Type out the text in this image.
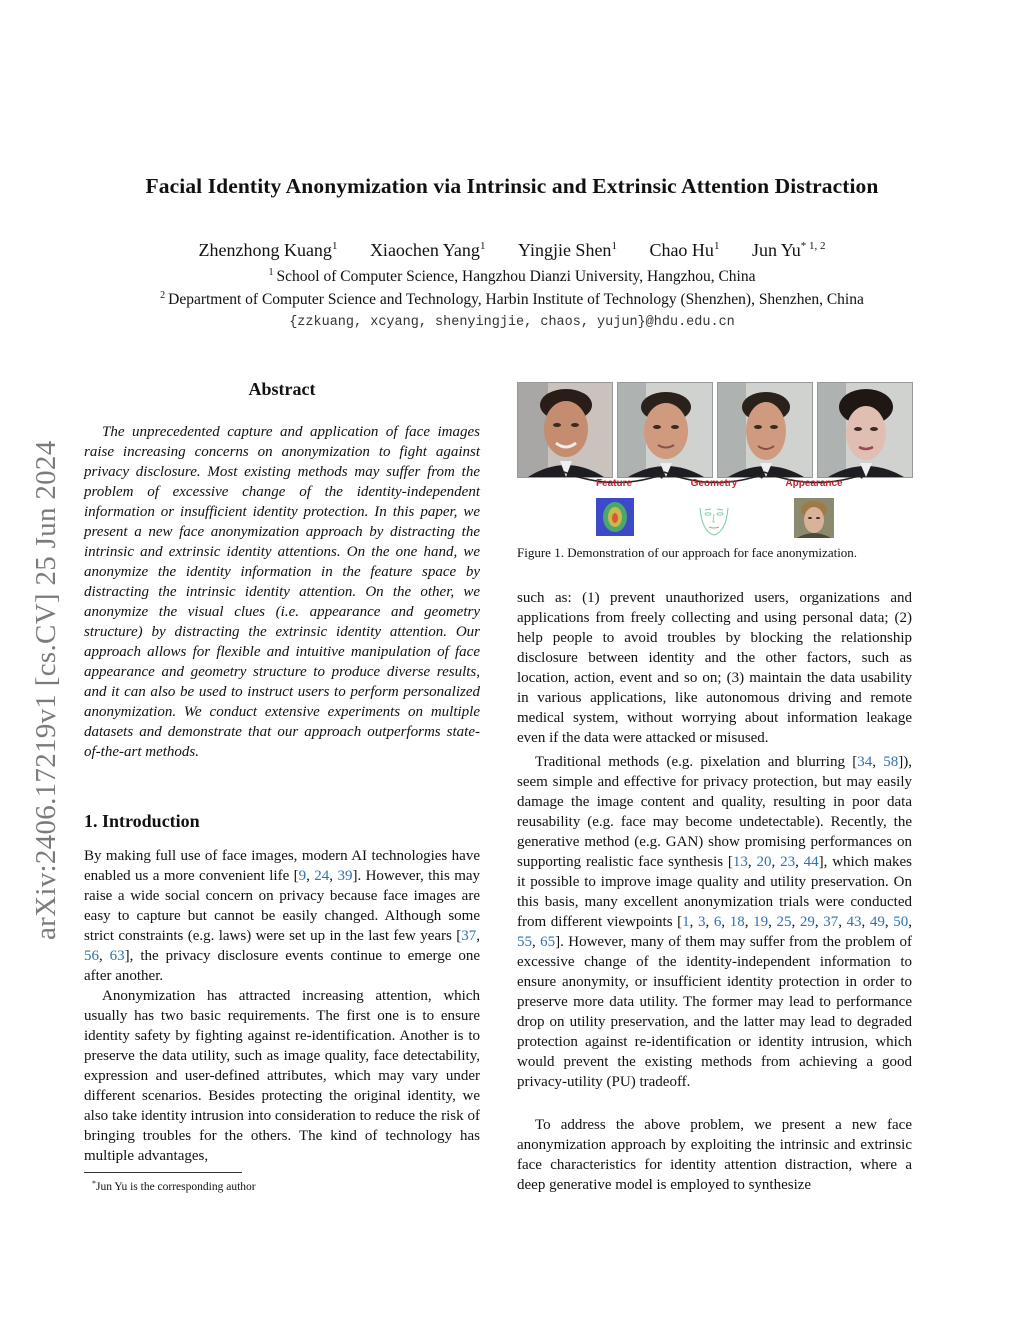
Facial Identity Anonymization via Intrinsic and Extrinsic Attention Distraction
Zhenzhong Kuang$^1$ Xiaochen Yang$^1$ Yingjie Shen$^1$ Chao Hu$^1$ Jun Yu$^{* 1, 2}$
$^1$ School of Computer Science, Hangzhou Dianzi University, Hangzhou, China
$^2$ Department of Computer Science and Technology, Harbin Institute of Technology (Shenzhen), Shenzhen, China
{zzkuang, xcyang, shenyingjie, chaos, yujun}@hdu.edu.cn
arXiv:2406.17219v1 [cs.CV] 25 Jun 2024
Abstract
The unprecedented capture and application of face images raise increasing concerns on anonymization to fight against privacy disclosure. Most existing methods may suffer from the problem of excessive change of the identity-independent information or insufficient identity protection. In this paper, we present a new face anonymization approach by distracting the intrinsic and extrinsic identity attentions. On the one hand, we anonymize the identity information in the feature space by distracting the intrinsic identity attention. On the other, we anonymize the visual clues (i.e. appearance and geometry structure) by distracting the extrinsic identity attention. Our approach allows for flexible and intuitive manipulation of face appearance and geometry structure to produce diverse results, and it can also be used to instruct users to perform personalized anonymization. We conduct extensive experiments on multiple datasets and demonstrate that our approach outperforms state-of-the-art methods.
1. Introduction
By making full use of face images, modern AI technologies have enabled us a more convenient life [9, 24, 39]. However, this may raise a wide social concern on privacy because face images are easy to capture but cannot be easily changed. Although some strict constraints (e.g. laws) were set up in the last few years [37, 56, 63], the privacy disclosure events continue to emerge one after another.
Anonymization has attracted increasing attention, which usually has two basic requirements. The first one is to ensure identity safety by fighting against re-identification. Another is to preserve the data utility, such as image quality, face detectability, expression and user-defined attributes, which may vary under different scenarios. Besides protecting the original identity, we also take identity intrusion into consideration to reduce the risk of bringing troubles for the others. The kind of technology has multiple advantages,
*Jun Yu is the corresponding author
Feature	Geometry	Appearance
Figure 1. Demonstration of our approach for face anonymization.
such as: (1) prevent unauthorized users, organizations and applications from freely collecting and using personal data; (2) help people to avoid troubles by blocking the relationship disclosure between identity and the other factors, such as location, action, event and so on; (3) maintain the data usability in various applications, like autonomous driving and remote medical system, without worrying about information leakage even if the data were attacked or misused.
Traditional methods (e.g. pixelation and blurring [34, 58]), seem simple and effective for privacy protection, but may easily damage the image content and quality, resulting in poor data reusability (e.g. face may become undetectable). Recently, the generative method (e.g. GAN) show promising performances on supporting realistic face synthesis [13, 20, 23, 44], which makes it possible to improve image quality and utility preservation. On this basis, many excellent anonymization trials were conducted from different viewpoints [1, 3, 6, 18, 19, 25, 29, 37, 43, 49, 50, 55, 65]. However, many of them may suffer from the problem of excessive change of the identity-independent information to ensure anonymity, or insufficient identity protection in order to preserve more data utility. The former may lead to performance drop on utility preservation, and the latter may lead to degraded protection against re-identification or identity intrusion, which would prevent the existing methods from achieving a good privacy-utility (PU) tradeoff.
To address the above problem, we present a new face anonymization approach by exploiting the intrinsic and extrinsic face characteristics for identity attention distraction, where a deep generative model is employed to synthesize
